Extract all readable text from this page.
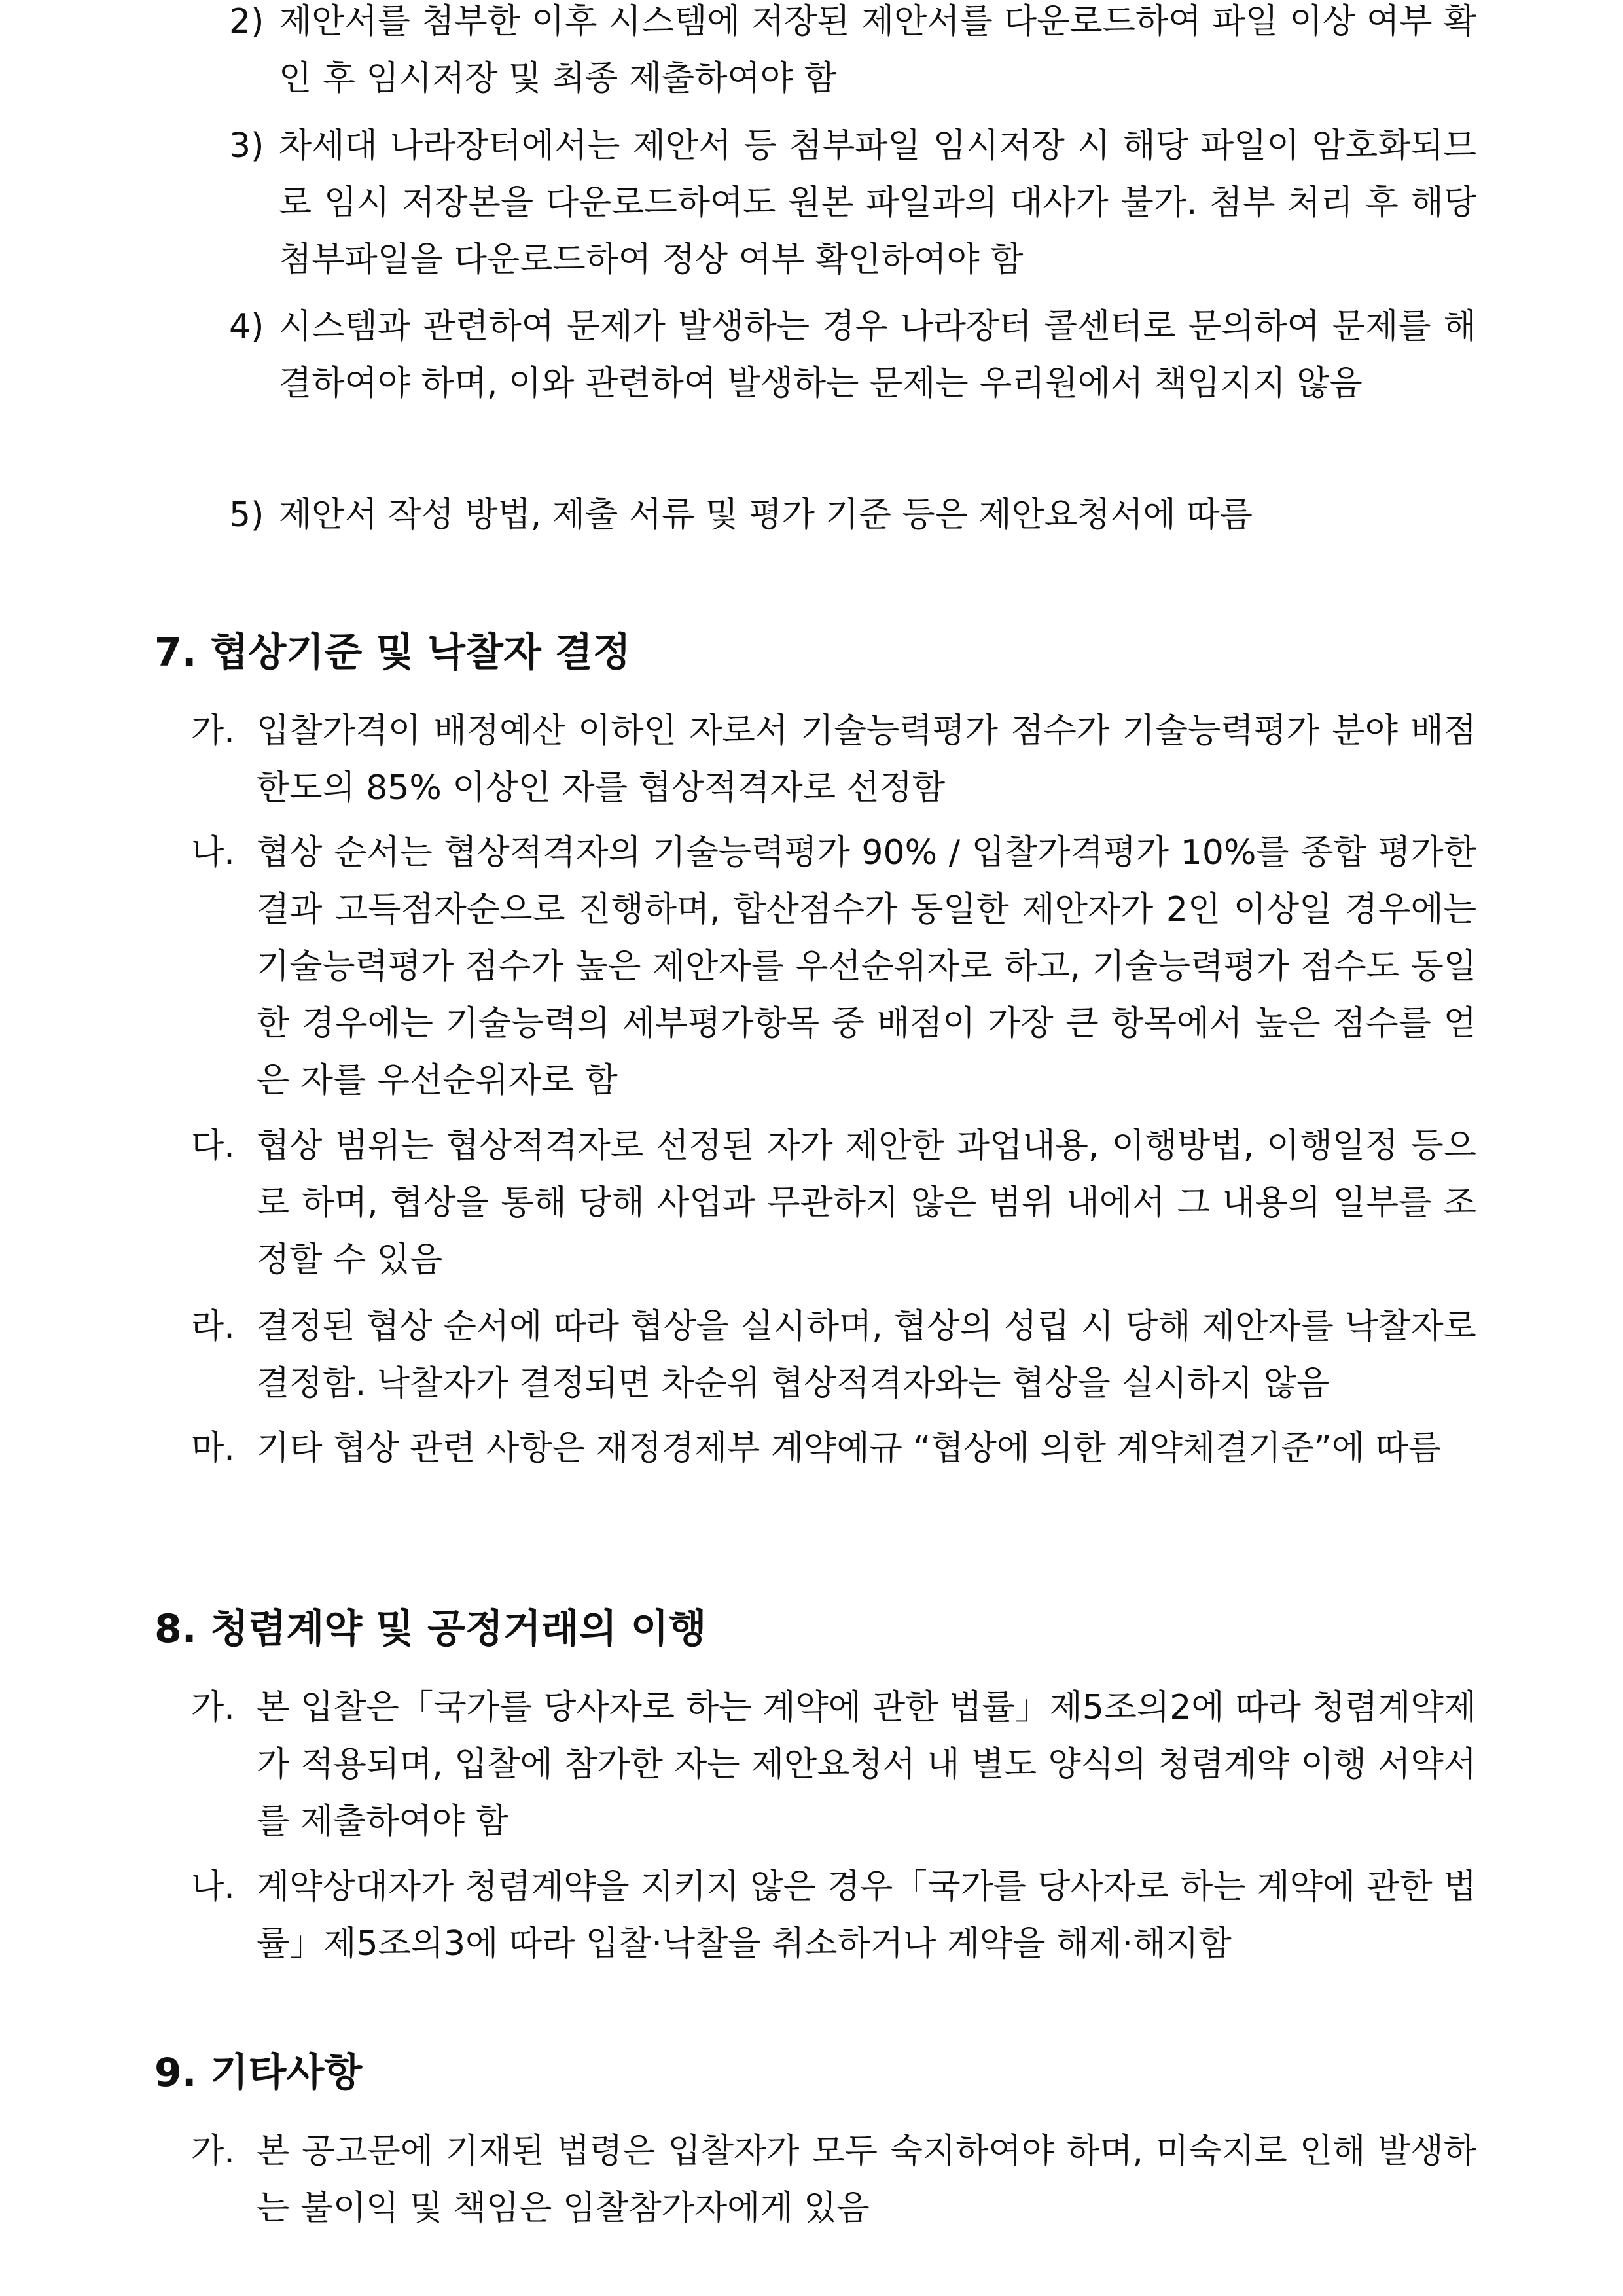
2) 제안서를 첨부한 이후 시스템에 저장된 제안서를 다운로드하여 파일 이상 여부 확인 후 임시저장 및 최종 제출하여야 함
3) 차세대 나라장터에서는 제안서 등 첨부파일 임시저장 시 해당 파일이 암호화되므로 임시 저장본을 다운로드하여도 원본 파일과의 대사가 불가. 첨부 처리 후 해당 첨부파일을 다운로드하여 정상 여부 확인하여야 함
4) 시스템과 관련하여 문제가 발생하는 경우 나라장터 콜센터로 문의하여 문제를 해결하여야 하며, 이와 관련하여 발생하는 문제는 우리원에서 책임지지 않음
5) 제안서 작성 방법, 제출 서류 및 평가 기준 등은 제안요청서에 따름
7. 협상기준 및 낙찰자 결정
가. 입찰가격이 배정예산 이하인 자로서 기술능력평가 점수가 기술능력평가 분야 배점한도의 85% 이상인 자를 협상적격자로 선정함
나. 협상 순서는 협상적격자의 기술능력평가 90% / 입찰가격평가 10%를 종합 평가한 결과 고득점자순으로 진행하며, 합산점수가 동일한 제안자가 2인 이상일 경우에는 기술능력평가 점수가 높은 제안자를 우선순위자로 하고, 기술능력평가 점수도 동일한 경우에는 기술능력의 세부평가항목 중 배점이 가장 큰 항목에서 높은 점수를 얻은 자를 우선순위자로 함
다. 협상 범위는 협상적격자로 선정된 자가 제안한 과업내용, 이행방법, 이행일정 등으로 하며, 협상을 통해 당해 사업과 무관하지 않은 범위 내에서 그 내용의 일부를 조정할 수 있음
라. 결정된 협상 순서에 따라 협상을 실시하며, 협상의 성립 시 당해 제안자를 낙찰자로 결정함. 낙찰자가 결정되면 차순위 협상적격자와는 협상을 실시하지 않음
마. 기타 협상 관련 사항은 재정경제부 계약예규 “협상에 의한 계약체결기준”에 따름
8. 청렴계약 및 공정거래의 이행
가. 본 입찰은「국가를 당사자로 하는 계약에 관한 법률」제5조의2에 따라 청렴계약제가 적용되며, 입찰에 참가한 자는 제안요청서 내 별도 양식의 청렴계약 이행 서약서를 제출하여야 함
나. 계약상대자가 청렴계약을 지키지 않은 경우「국가를 당사자로 하는 계약에 관한 법률」제5조의3에 따라 입찰·낙찰을 취소하거나 계약을 해제·해지함
9. 기타사항
가. 본 공고문에 기재된 법령은 입찰자가 모두 숙지하여야 하며, 미숙지로 인해 발생하는 불이익 및 책임은 임찰참가자에게 있음
